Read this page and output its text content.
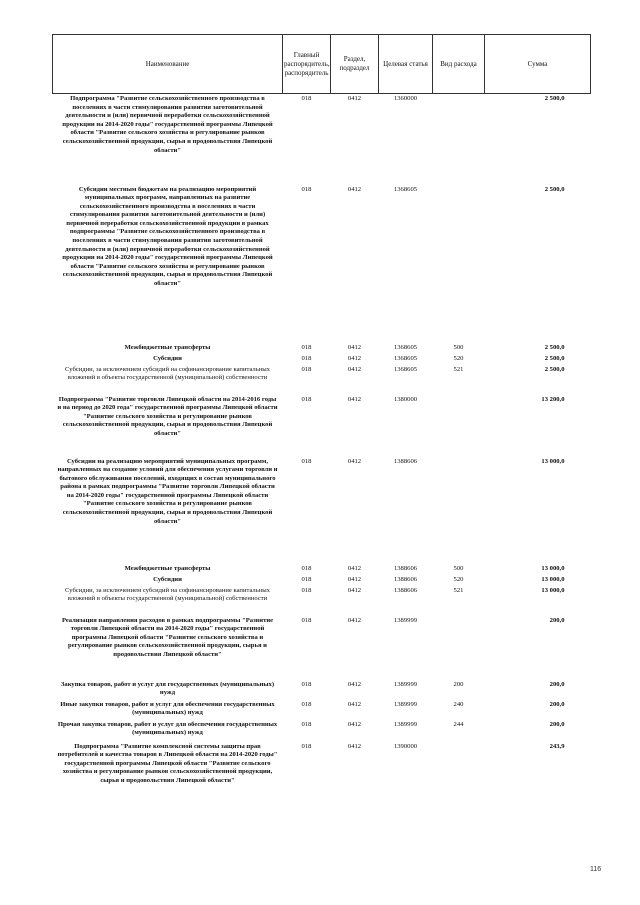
Наименование	Главный распорядитель, распорядитель	Раздел, подраздел	Целевая статья	Вид расхода	Сумма
Подпрограмма "Развитие сельскохозяйственного производства в поселениях в части стимулирования развития заготовительной деятельности и (или) первичной переработки сельскохозяйственной продукции на 2014-2020 годы" государственной программы Липецкой области "Развитие сельского хозяйства и регулирование рынков сельскохозяйственной продукции, сырья и продовольствия Липецкой области"	018	0412	1360000		2 500,0
Субсидии местным бюджетам на реализацию мероприятий муниципальных программ, направленных на развитие сельскохозяйственного производства в поселениях в части стимулирования развития заготовительной деятельности и (или) первичной переработки сельскохозяйственной продукции в рамках подпрограммы "Развитие сельскохозяйственного производства в поселениях в части стимулирования развития заготовительной деятельности и (или) первичной переработки сельскохозяйственной продукции на 2014-2020 годы" государственной программы Липецкой области "Развитие сельского хозяйства и регулирование рынков сельскохозяйственной продукции, сырья и продовольствия Липецкой области"	018	0412	1368605		2 500,0
Межбюджетные трансферты	018	0412	1368605	500	2 500,0
Субсидии	018	0412	1368605	520	2 500,0
Субсидии, за исключением субсидий на софинансирование капитальных вложений в объекты государственной (муниципальной) собственности	018	0412	1368605	521	2 500,0
Подпрограмма "Развитие торговли Липецкой области на 2014-2016 годы и на период до 2020 года" государственной программы Липецкой области "Развитие сельского хозяйства и регулирование рынков сельскохозяйственной продукции, сырья и продовольствия Липецкой области"	018	0412	1380000		13 200,0
Субсидии на реализацию мероприятий муниципальных программ, направленных на создание условий для обеспечения услугами торговли и бытового обслуживания поселений, входящих в состав муниципального района в рамках подпрограммы "Развитие торговли Липецкой области на 2014-2020 годы" государственной программы Липецкой области "Развитие сельского хозяйства и регулирование рынков сельскохозяйственной продукции, сырья и продовольствия Липецкой области"	018	0412	1388606		13 000,0
Межбюджетные трансферты	018	0412	1388606	500	13 000,0
Субсидии	018	0412	1388606	520	13 000,0
Субсидии, за исключением субсидий на софинансирование капитальных вложений в объекты государственной (муниципальной) собственности	018	0412	1388606	521	13 000,0
Реализация направления расходов в рамках подпрограммы "Развитие торговли Липецкой области на 2014-2020 годы" государственной программы Липецкой области "Развитие сельского хозяйства и регулирование рынков сельскохозяйственной продукции, сырья и продовольствия Липецкой области"	018	0412	1389999		200,0
Закупка товаров, работ и услуг для государственных (муниципальных) нужд	018	0412	1389999	200	200,0
Иные закупки товаров, работ и услуг для обеспечения государственных (муниципальных) нужд	018	0412	1389999	240	200,0
Прочая закупка товаров, работ и услуг для обеспечения государственных (муниципальных) нужд	018	0412	1389999	244	200,0
Подпрограмма "Развитие комплексной системы защиты прав потребителей и качества товаров в Липецкой области на 2014-2020 годы" государственной программы Липецкой области "Развитие сельского хозяйства и регулирование рынков сельскохозяйственной продукции, сырья и продовольствия Липецкой области"	018	0412	1390000		243,9
116
